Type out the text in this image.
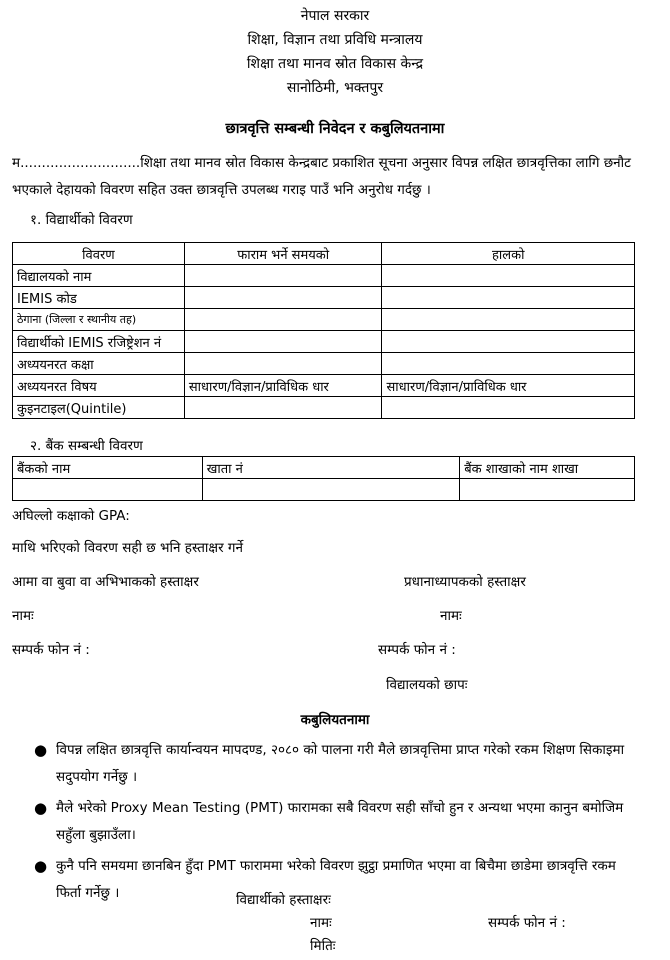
नेपाल सरकार
शिक्षा, विज्ञान तथा प्रविधि मन्त्रालय
शिक्षा तथा मानव स्रोत विकास केन्द्र
सानोठिमी, भक्तपुर
छात्रवृत्ति सम्बन्धी निवेदन र कबुलियतनामा

म............................शिक्षा तथा मानव स्रोत विकास केन्द्रबाट प्रकाशित सूचना अनुसार विपन्न लक्षित छात्रवृत्तिका लागि छनौट भएकाले देहायको विवरण सहित उक्त छात्रवृत्ति उपलब्ध गराइ पाउँ भनि अनुरोध गर्दछु ।

१. विद्यार्थीको विवरण
विवरण	फाराम भर्ने समयको	हालको
विद्यालयको नाम		
IEMIS कोड		
ठेगाना (जिल्ला र स्थानीय तह)		
विद्यार्थीको IEMIS रजिष्ट्रेशन नं		
अध्ययनरत कक्षा		
अध्ययनरत विषय	साधारण/विज्ञान/प्राविधिक धार	साधारण/विज्ञान/प्राविधिक धार
कुइनटाइल(Quintile)		
२. बैंक सम्बन्धी विवरण
बैंकको नाम	खाता नं	बैंक शाखाको नाम शाखा

अघिल्लो कक्षाको GPA:
माथि भरिएको विवरण सही छ भनि हस्ताक्षर गर्ने
आमा वा बुवा वा अभिभाकको हस्ताक्षर	प्रधानाध्यापकको हस्ताक्षर
नामः	नामः
सम्पर्क फोन नं :	सम्पर्क फोन नं :
विद्यालयको छापः
कबुलियतनामा
● विपन्न लक्षित छात्रवृत्ति कार्यान्वयन मापदण्ड, २०८० को पालना गरी मैले छात्रवृत्तिमा प्राप्त गरेको रकम शिक्षण सिकाइमा सदुपयोग गर्नेछु ।
● मैले भरेको Proxy Mean Testing (PMT) फारामका सबै विवरण सही साँचो हुन र अन्यथा भएमा कानुन बमोजिम सहुँला बुझाउँला।
● कुनै पनि समयमा छानबिन हुँदा PMT फाराममा भरेको विवरण झुट्ठा प्रमाणित भएमा वा बिचैमा छाडेमा छात्रवृत्ति रकम फिर्ता गर्नेछु ।	विद्यार्थीको हस्ताक्षरः
नामः	सम्पर्क फोन नं :
मितिः
